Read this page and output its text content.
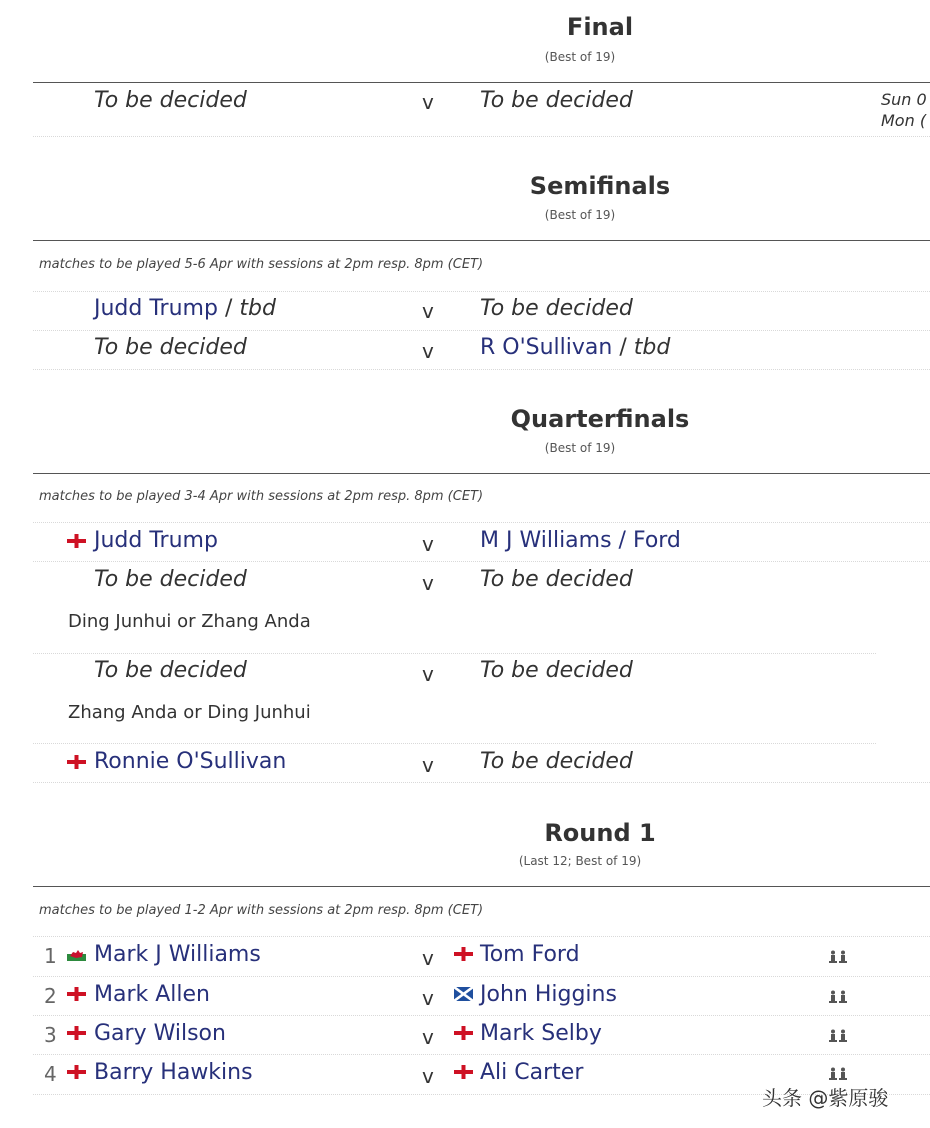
Final
(Best of 19)
To be decided	v To be decided	Sun 0
Mon (
Semifinals
(Best of 19)
matches to be played 5-6 Apr with sessions at 2pm resp. 8pm (CET)
Judd Trump / tbd	v To be decided
To be decided	v R O'Sullivan / tbd
Quarterfinals
(Best of 19)
matches to be played 3-4 Apr with sessions at 2pm resp. 8pm (CET)
Judd Trump	v M J Williams / Ford
To be decided	v To be decided
Ding Junhui or Zhang Anda
To be decided	v To be decided
Zhang Anda or Ding Junhui
Ronnie O'Sullivan	v To be decided
Round 1
(Last 12; Best of 19)
matches to be played 1-2 Apr with sessions at 2pm resp. 8pm (CET)
1 Mark J Williams	v Tom Ford
2 Mark Allen	v John Higgins
3 Gary Wilson	v Mark Selby
4 Barry Hawkins	v Ali Carter
头条 @紫原骏
